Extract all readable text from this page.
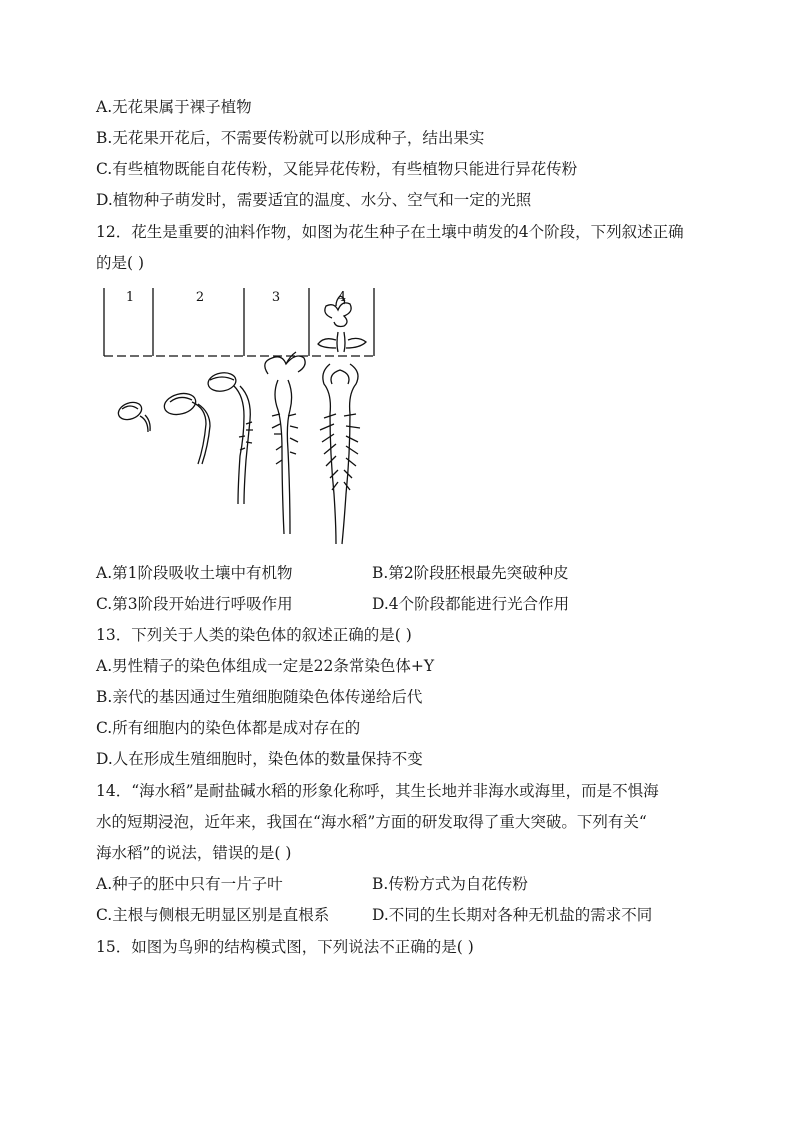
A.无花果属于裸子植物
B.无花果开花后，不需要传粉就可以形成种子，结出果实
C.有些植物既能自花传粉，又能异花传粉，有些植物只能进行异花传粉
D.植物种子萌发时，需要适宜的温度、水分、空气和一定的光照
12．花生是重要的油料作物，如图为花生种子在土壤中萌发的4个阶段，下列叙述正确
的是( )
1	2	3	4
A.第1阶段吸收土壤中有机物	B.第2阶段胚根最先突破种皮
C.第3阶段开始进行呼吸作用	D.4个阶段都能进行光合作用
13．下列关于人类的染色体的叙述正确的是( )
A.男性精子的染色体组成一定是22条常染色体+Y
B.亲代的基因通过生殖细胞随染色体传递给后代
C.所有细胞内的染色体都是成对存在的
D.人在形成生殖细胞时，染色体的数量保持不变
14．“海水稻”是耐盐碱水稻的形象化称呼，其生长地并非海水或海里，而是不惧海
水的短期浸泡，近年来，我国在“海水稻”方面的研发取得了重大突破。下列有关“
海水稻”的说法，错误的是( )
A.种子的胚中只有一片子叶	B.传粉方式为自花传粉
C.主根与侧根无明显区别是直根系	D.不同的生长期对各种无机盐的需求不同
15．如图为鸟卵的结构模式图，下列说法不正确的是( )
